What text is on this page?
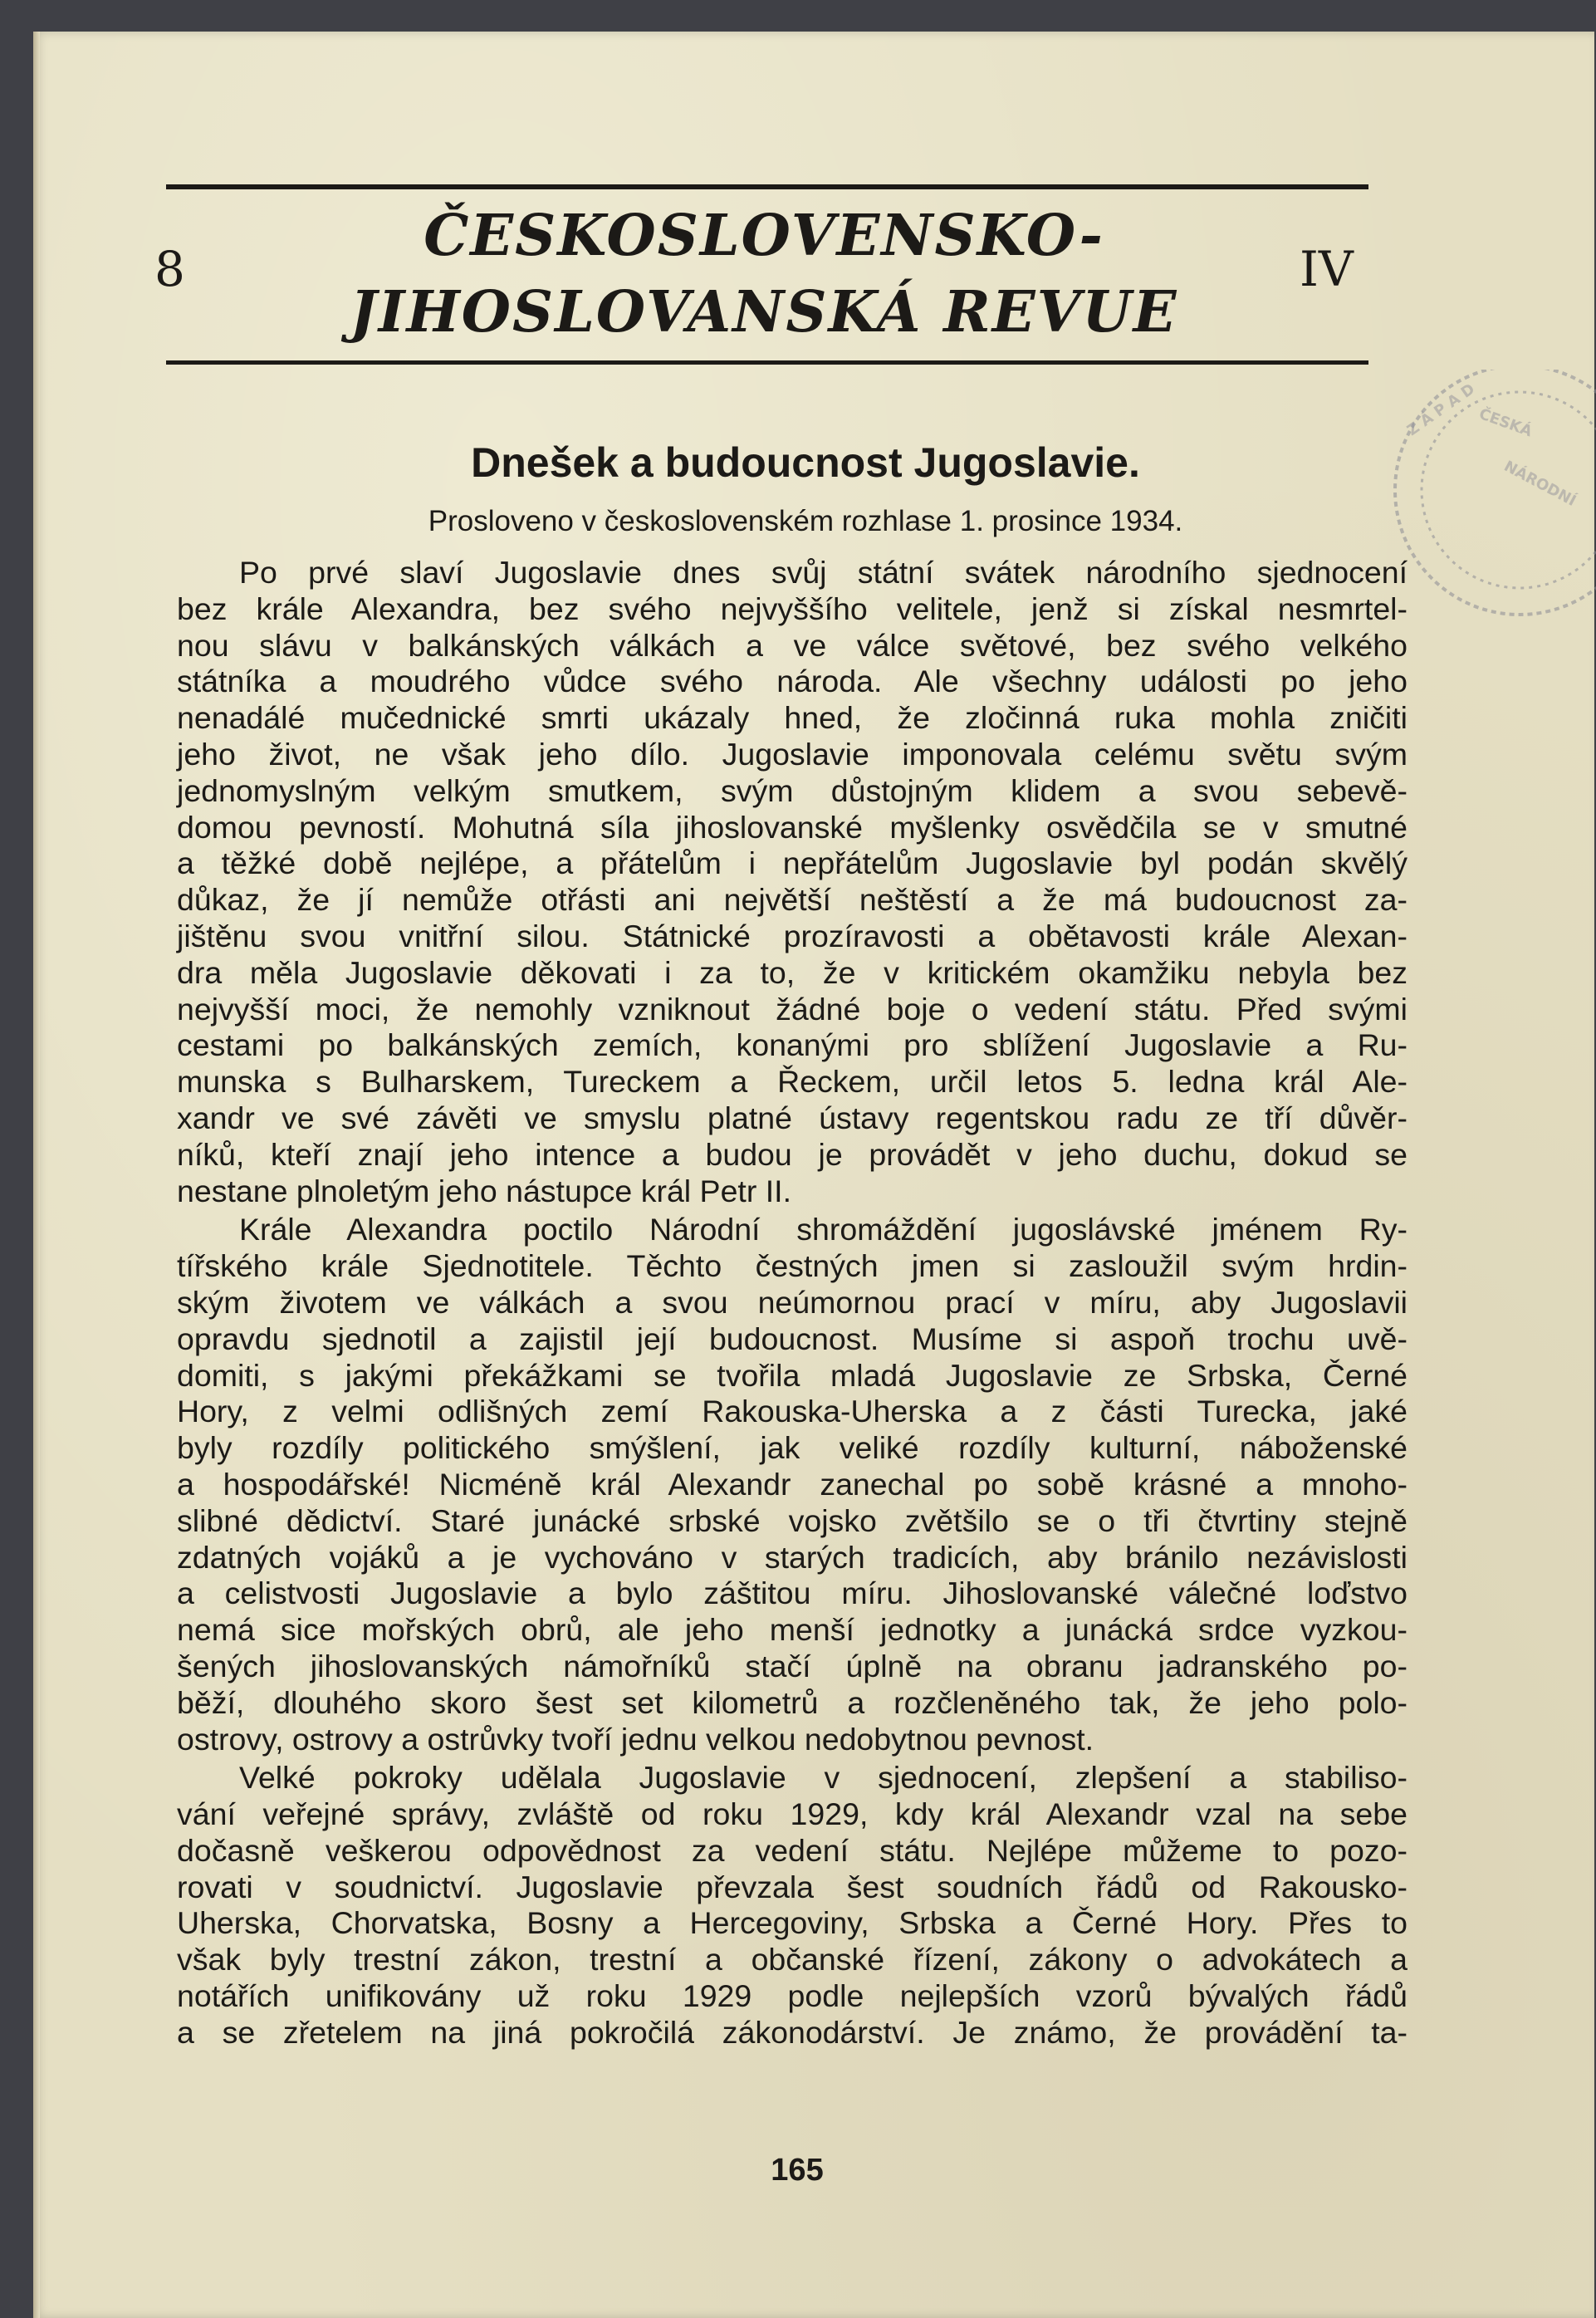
8	ČESKOSLOVENSKO-
JIHOSLOVANSKÁ REVUE
IV
Z Á P A D
ČESKÁ
NÁRODNÍ
Dnešek a budoucnost Jugoslavie.
Prosloveno v československém rozhlase 1. prosince 1934.
Po prvé slaví Jugoslavie dnes svůj státní svátek národního sjednocení
bez krále Alexandra, bez svého nejvyššího velitele, jenž si získal nesmrtel-
nou slávu v balkánských válkách a ve válce světové, bez svého velkého
státníka a moudrého vůdce svého národa. Ale všechny události po jeho
nenadálé mučednické smrti ukázaly hned, že zločinná ruka mohla zničiti
jeho život, ne však jeho dílo. Jugoslavie imponovala celému světu svým
jednomyslným velkým smutkem, svým důstojným klidem a svou sebevě-
domou pevností. Mohutná síla jihoslovanské myšlenky osvědčila se v smutné
a těžké době nejlépe, a přátelům i nepřátelům Jugoslavie byl podán skvělý
důkaz, že jí nemůže otřásti ani největší neštěstí a že má budoucnost za-
jištěnu svou vnitřní silou. Státnické prozíravosti a obětavosti krále Alexan-
dra měla Jugoslavie děkovati i za to, že v kritickém okamžiku nebyla bez
nejvyšší moci, že nemohly vzniknout žádné boje o vedení státu. Před svými
cestami po balkánských zemích, konanými pro sblížení Jugoslavie a Ru-
munska s Bulharskem, Tureckem a Řeckem, určil letos 5. ledna král Ale-
xandr ve své závěti ve smyslu platné ústavy regentskou radu ze tří důvěr-
níků, kteří znají jeho intence a budou je provádět v jeho duchu, dokud se
nestane plnoletým jeho nástupce král Petr II.
Krále Alexandra poctilo Národní shromáždění jugoslávské jménem Ry-
tířského krále Sjednotitele. Těchto čestných jmen si zasloužil svým hrdin-
ským životem ve válkách a svou neúmornou prací v míru, aby Jugoslavii
opravdu sjednotil a zajistil její budoucnost. Musíme si aspoň trochu uvě-
domiti, s jakými překážkami se tvořila mladá Jugoslavie ze Srbska, Černé
Hory, z velmi odlišných zemí Rakouska-Uherska a z části Turecka, jaké
byly rozdíly politického smýšlení, jak veliké rozdíly kulturní, náboženské
a hospodářské! Nicméně král Alexandr zanechal po sobě krásné a mnoho-
slibné dědictví. Staré junácké srbské vojsko zvětšilo se o tři čtvrtiny stejně
zdatných vojáků a je vychováno v starých tradicích, aby bránilo nezávislosti
a celistvosti Jugoslavie a bylo záštitou míru. Jihoslovanské válečné loďstvo
nemá sice mořských obrů, ale jeho menší jednotky a junácká srdce vyzkou-
šených jihoslovanských námořníků stačí úplně na obranu jadranského po-
běží, dlouhého skoro šest set kilometrů a rozčleněného tak, že jeho polo-
ostrovy, ostrovy a ostrůvky tvoří jednu velkou nedobytnou pevnost.
Velké pokroky udělala Jugoslavie v sjednocení, zlepšení a stabiliso-
vání veřejné správy, zvláště od roku 1929, kdy král Alexandr vzal na sebe
dočasně veškerou odpovědnost za vedení státu. Nejlépe můžeme to pozo-
rovati v soudnictví. Jugoslavie převzala šest soudních řádů od Rakousko-
Uherska, Chorvatska, Bosny a Hercegoviny, Srbska a Černé Hory. Přes to
však byly trestní zákon, trestní a občanské řízení, zákony o advokátech a
notářích unifikovány už roku 1929 podle nejlepších vzorů bývalých řádů
a se zřetelem na jiná pokročilá zákonodárství. Je známo, že provádění ta-
165
